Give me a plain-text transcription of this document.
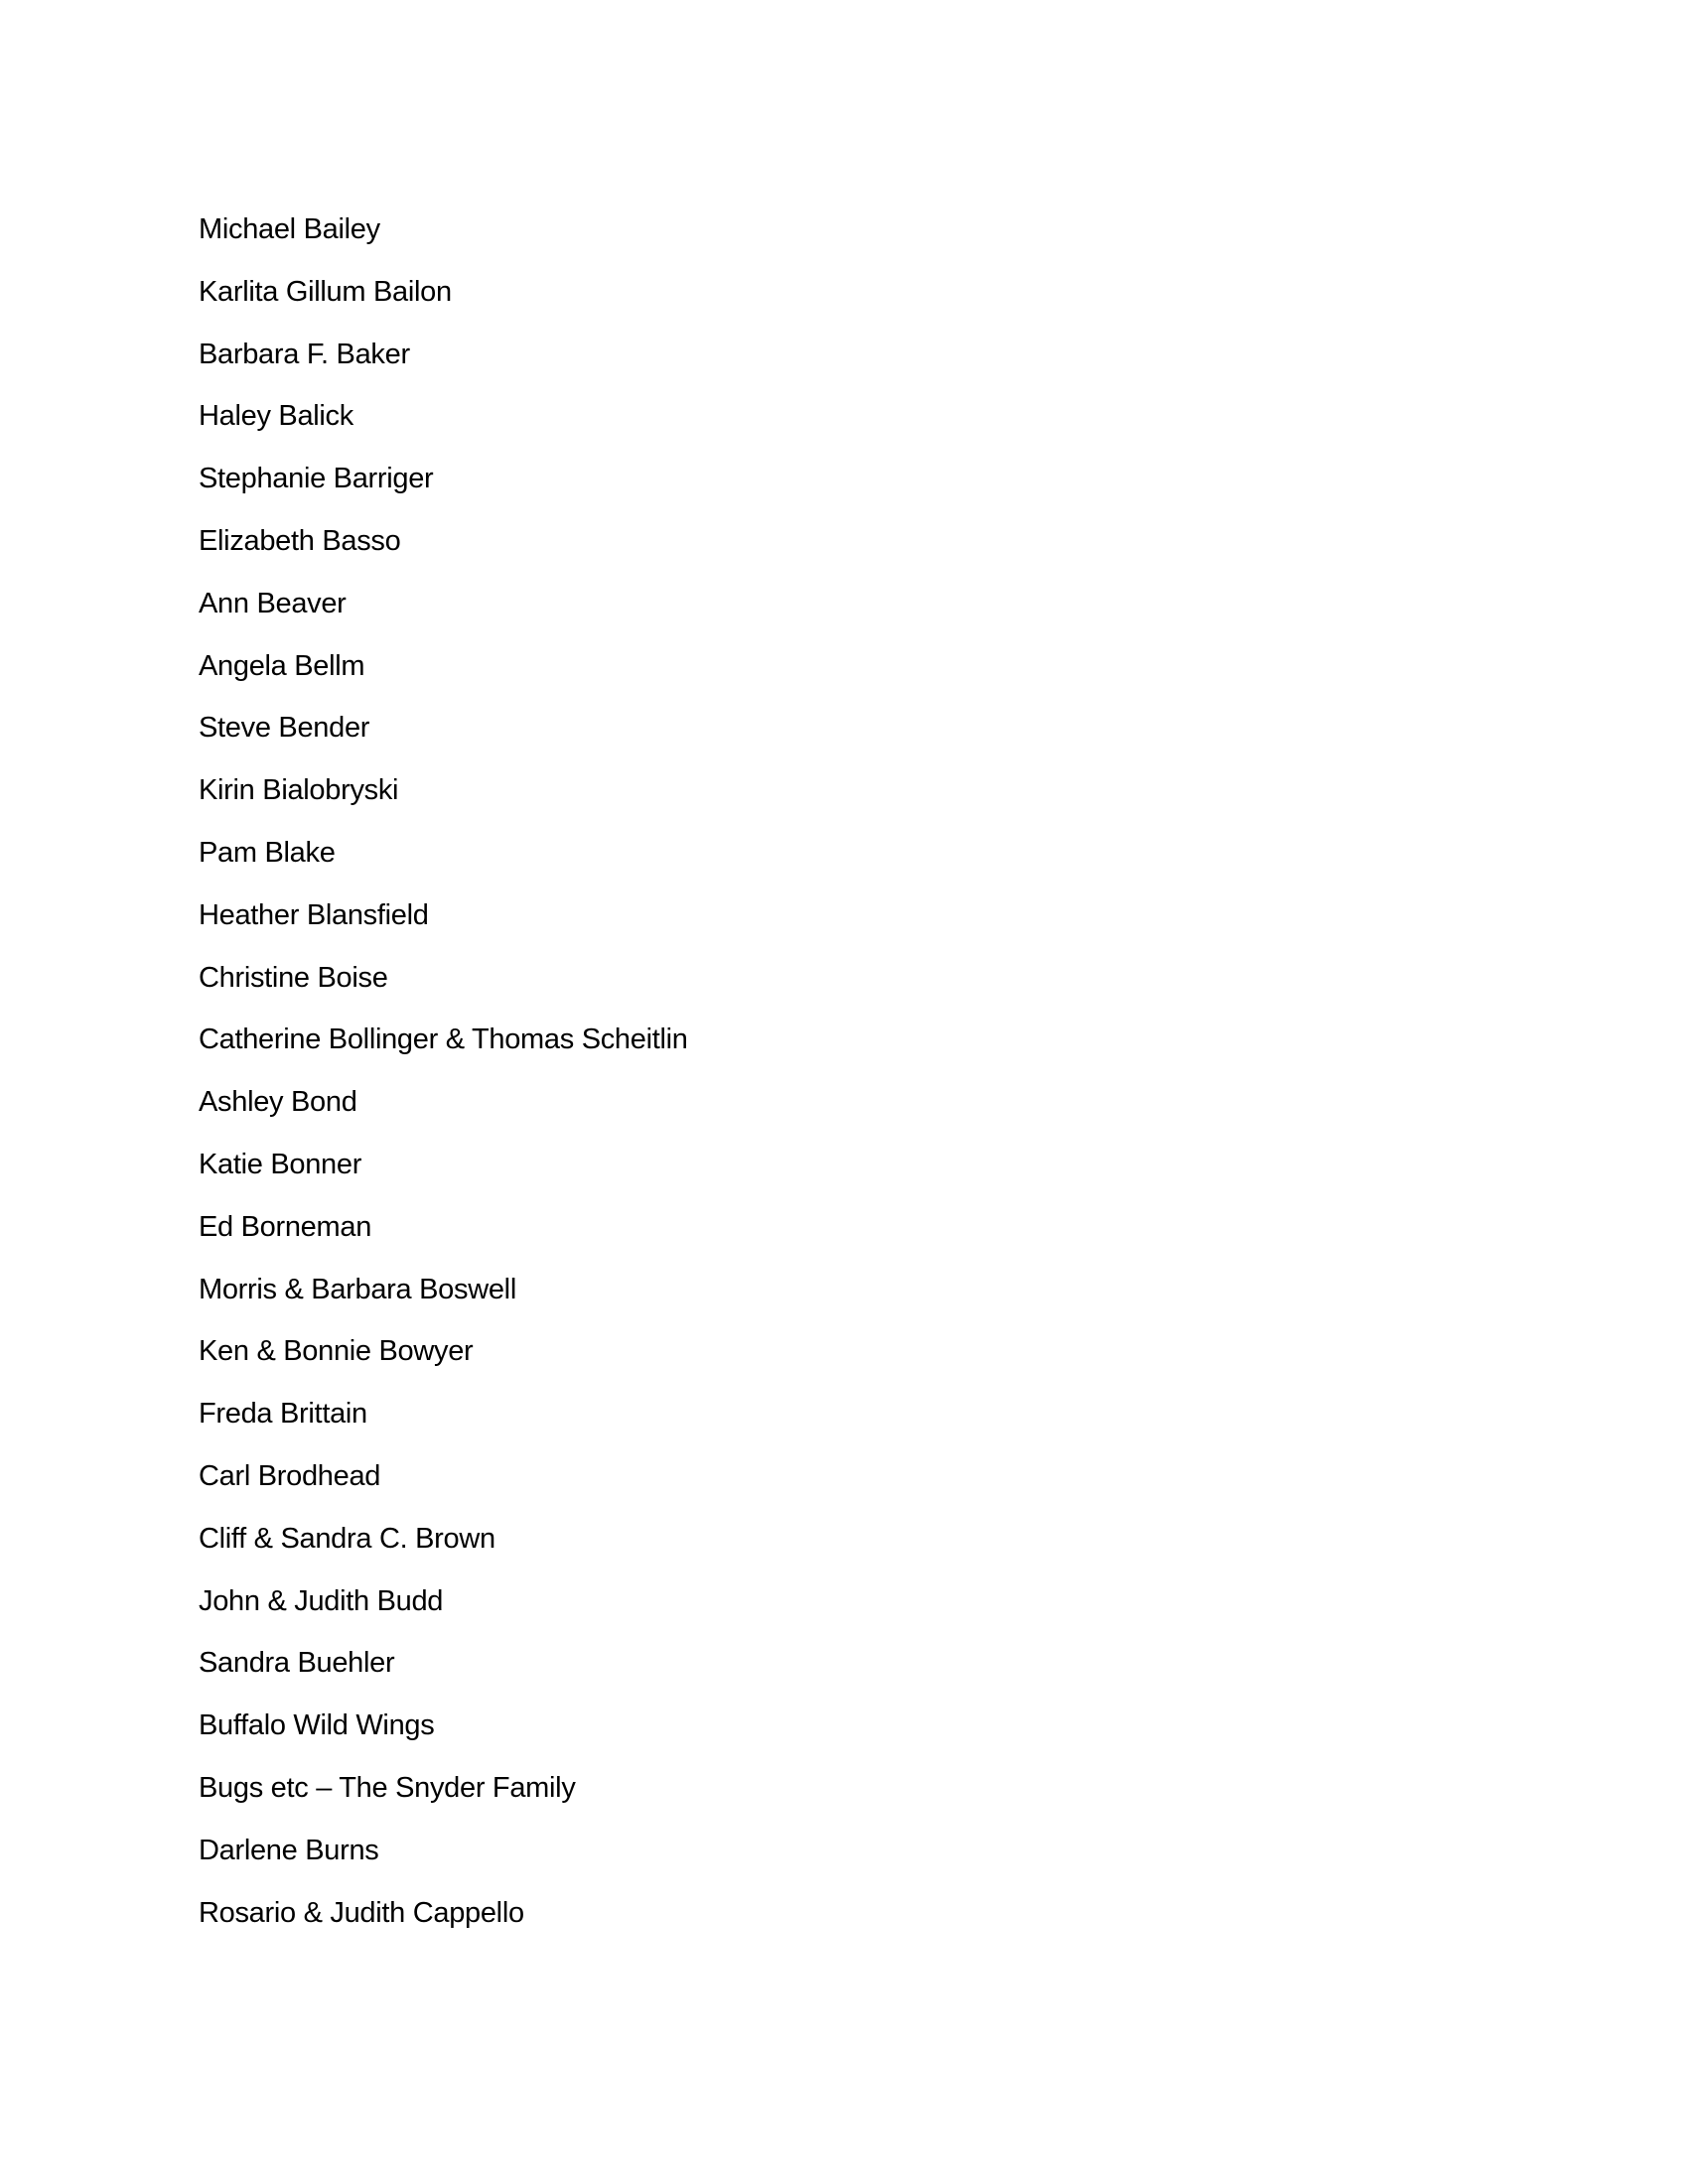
Michael Bailey
Karlita Gillum Bailon
Barbara F. Baker
Haley Balick
Stephanie Barriger
Elizabeth Basso
Ann Beaver
Angela Bellm
Steve Bender
Kirin Bialobryski
Pam Blake
Heather Blansfield
Christine Boise
Catherine Bollinger & Thomas Scheitlin
Ashley Bond
Katie Bonner
Ed Borneman
Morris & Barbara Boswell
Ken & Bonnie Bowyer
Freda Brittain
Carl Brodhead
Cliff & Sandra C. Brown
John & Judith Budd
Sandra Buehler
Buffalo Wild Wings
Bugs etc – The Snyder Family
Darlene Burns
Rosario & Judith Cappello
